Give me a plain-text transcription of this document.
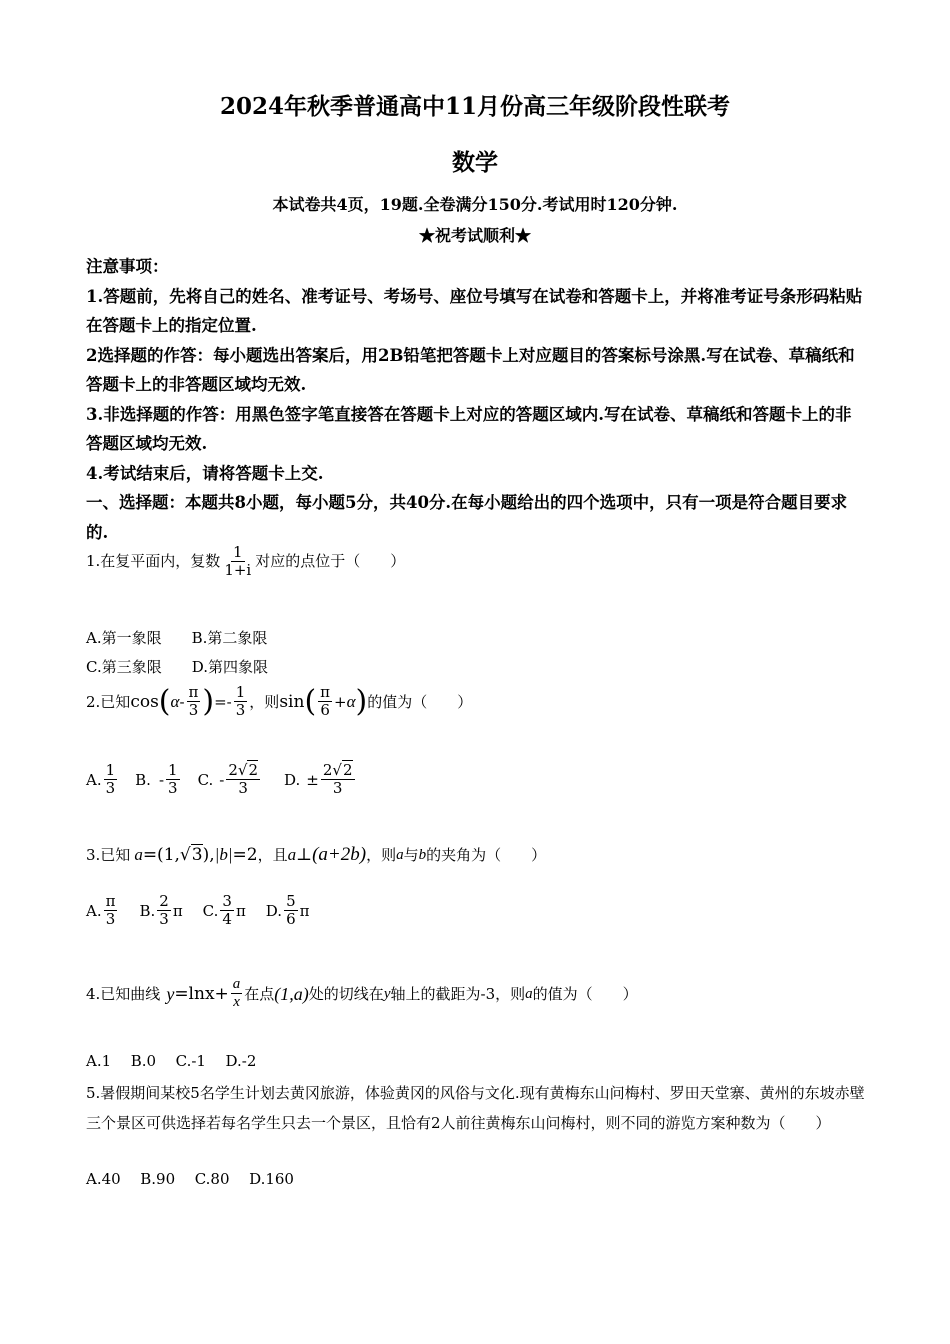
2024年秋季普通高中11月份高三年级阶段性联考
数学
本试卷共4页，19题.全卷满分150分.考试用时120分钟.
★祝考试顺利★

注意事项：

1.答题前，先将自己的姓名、准考证号、考场号、座位号填写在试卷和答题卡上，并将准考证号条形码粘贴在答题卡上的指定位置.

2选择题的作答：每小题选出答案后，用2B铅笔把答题卡上对应题目的答案标号涂黑.写在试卷、草稿纸和答题卡上的非答题区域均无效.

3.非选择题的作答：用黑色签字笔直接答在答题卡上对应的答题区域内.写在试卷、草稿纸和答题卡上的非答题区域均无效.

4.考试结束后，请将答题卡上交.

一、选择题：本题共8小题，每小题5分，共40分.在每小题给出的四个选项中，只有一项是符合题目要求的.

1.在复平面内，复数 $\frac{1}{1+i}$ 对应的点位于（　　）
A.第一象限 B.第二象限
C.第三象限 D.第四象限
2.已知 cos ( α - $\frac{\pi}{3}$ ) =- $\frac{1}{3}$ ，则 sin ( $\frac{\pi}{6} + \alpha$ ) 的值为（　　）
A. $\frac{1}{3} B$. - $\frac{1}{3} C$. - $\frac{2√2}{3} D$. ± $\frac{2√2}{3}$
3.已知 a =(1, √3 ) , |b| =2 ，且 a⊥ (a+2b) ，则 a 与 b 的夹角为（　　）
A. $\frac{\pi}{3} B$. $\frac{2}{3}$ π C. $\frac{3}{4}$ π D. $\frac{5}{6}$ π
4.已知曲线 $y =\ln x+ \frac{a}{x}$ 在点 (1,a) 处的切线在 y 轴上的截距为 -3 ，则 a 的值为（　　）
A.1 B.0 C.-1 D.-2
5.暑假期间某校5名学生计划去黄冈旅游，体验黄冈的风俗与文化.现有黄梅东山问梅村、罗田天堂寨、黄州的东坡赤壁三个景区可供选择若每名学生只去一个景区，且恰有2人前往黄梅东山问梅村，则不同的游览方案种数为（　　）
A.40 B.90 C.80 D.160
